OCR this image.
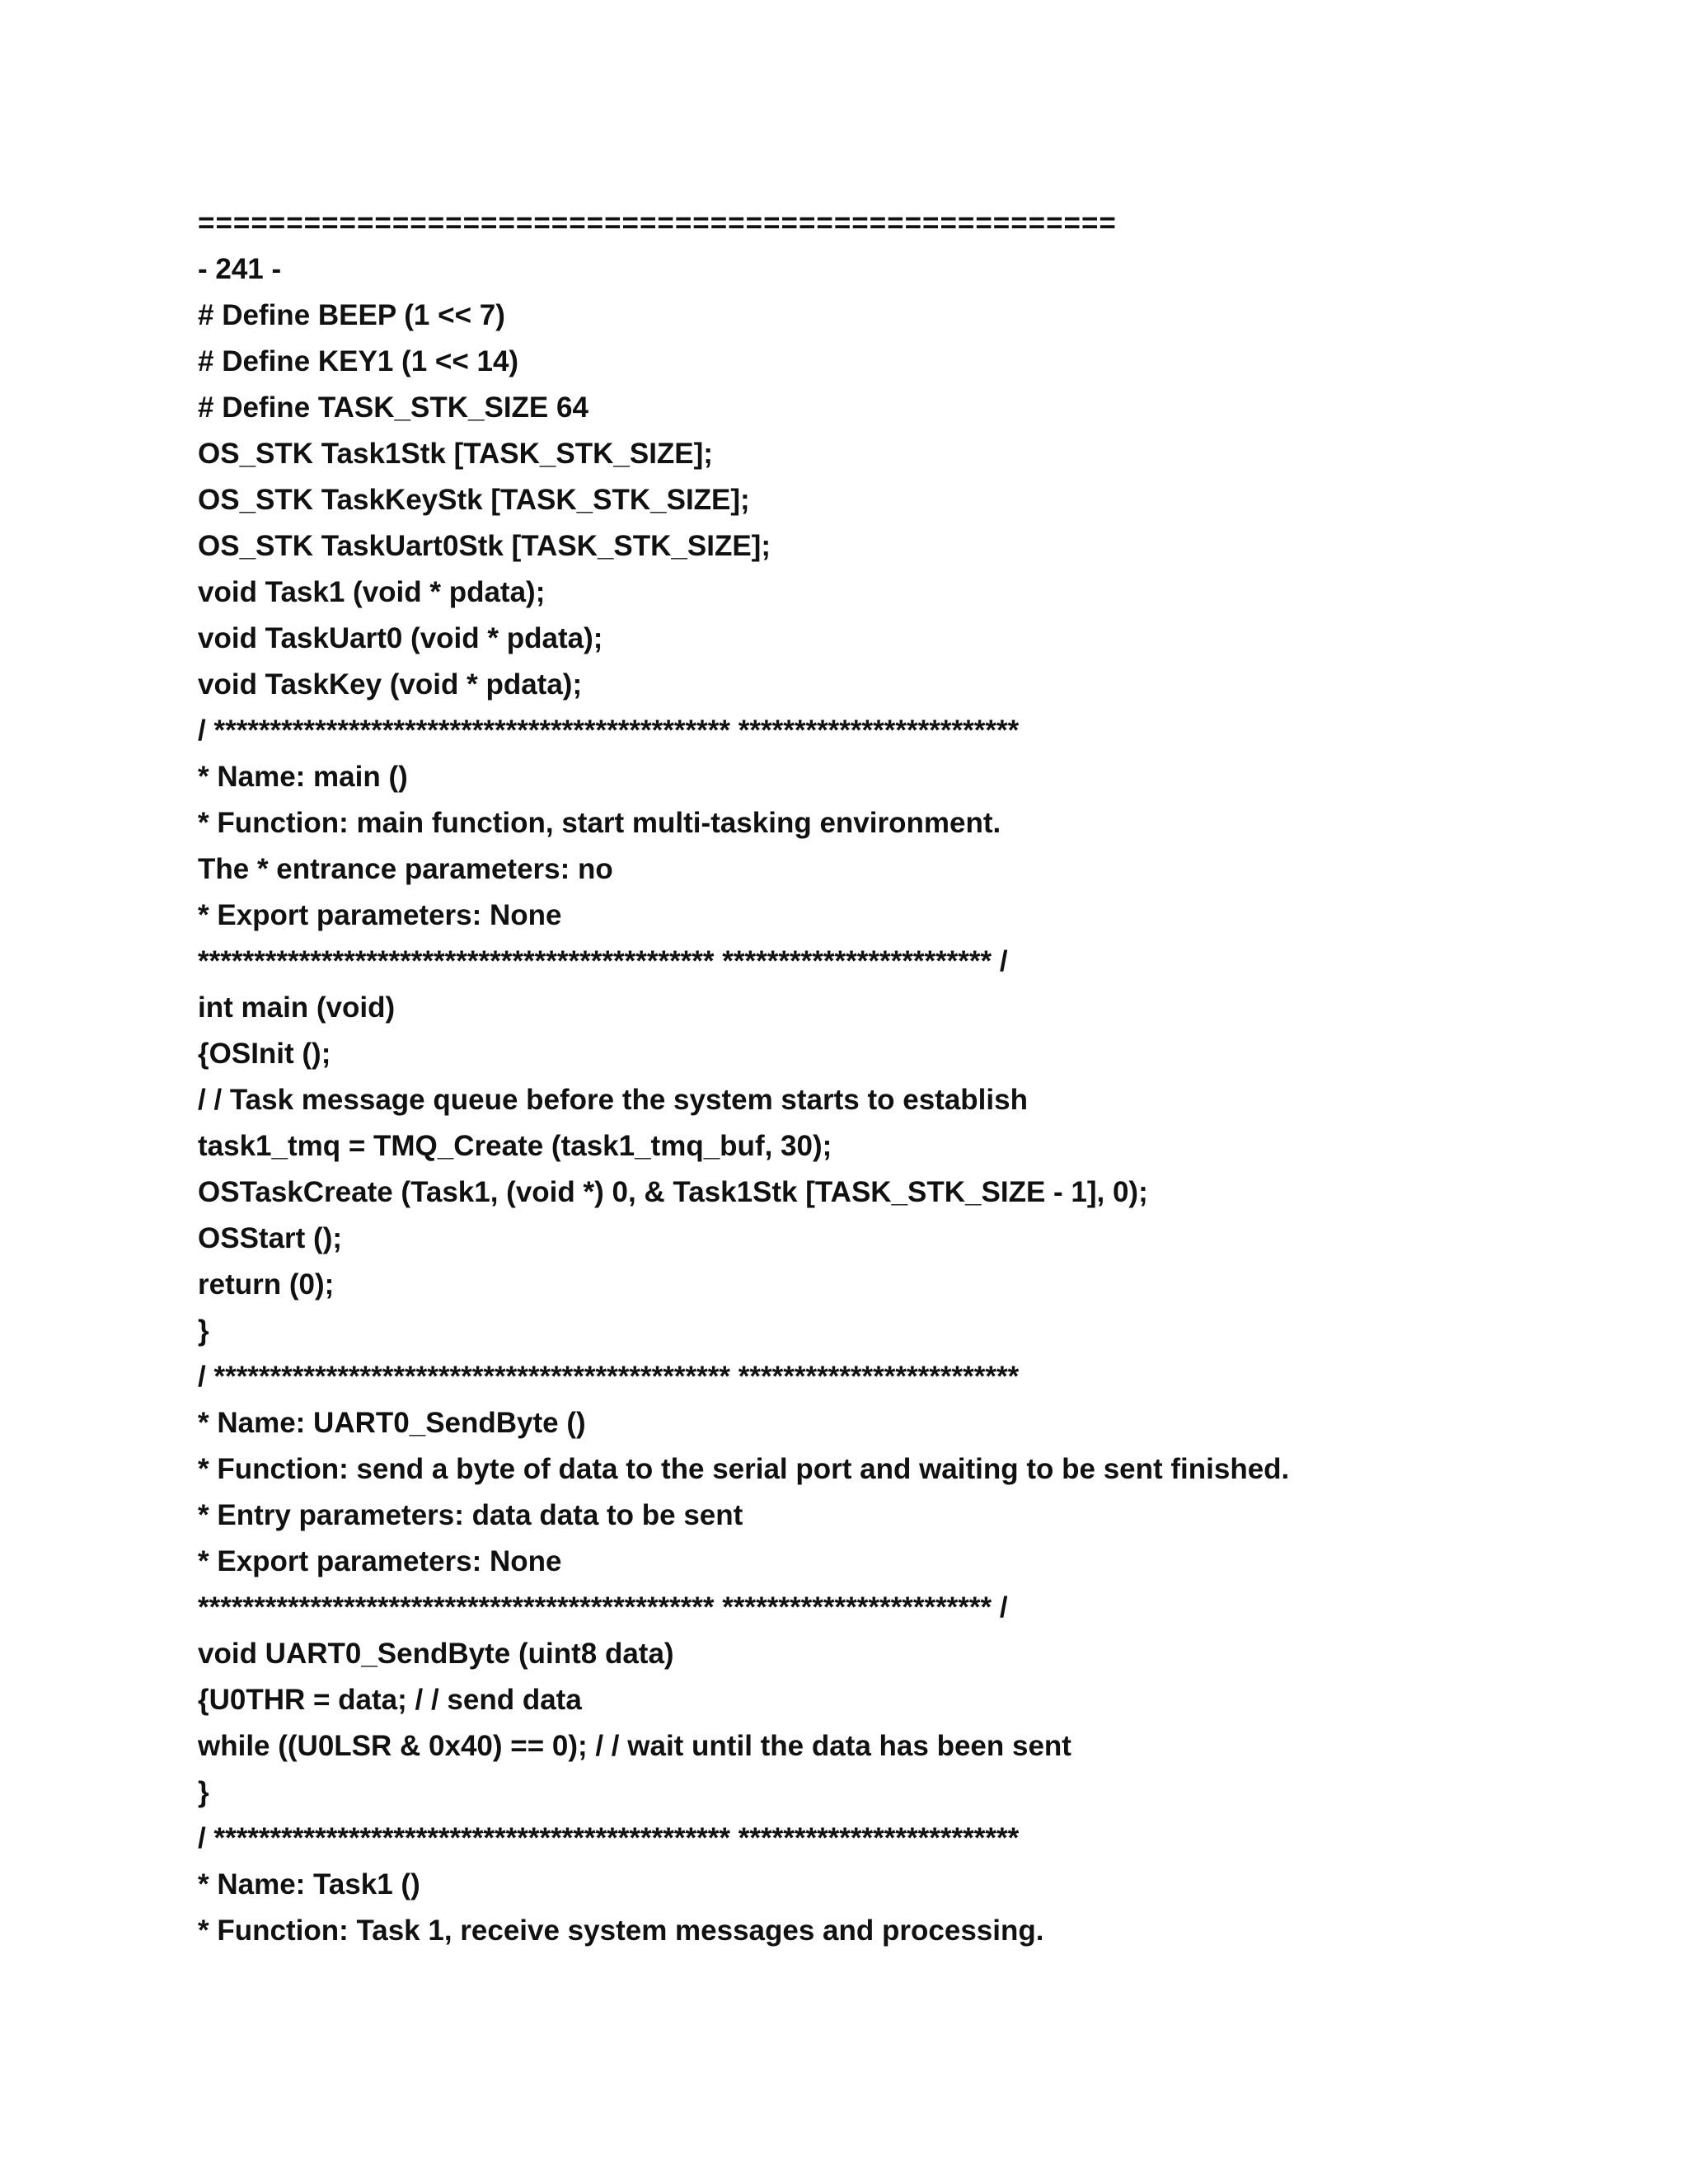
====================================================
- 241 -
# Define BEEP (1 << 7)
# Define KEY1 (1 << 14)
# Define TASK_STK_SIZE 64
OS_STK Task1Stk [TASK_STK_SIZE];
OS_STK TaskKeyStk [TASK_STK_SIZE];
OS_STK TaskUart0Stk [TASK_STK_SIZE];
void Task1 (void * pdata);
void TaskUart0 (void * pdata);
void TaskKey (void * pdata);
/ ********************************************** *************************
* Name: main ()
* Function: main function, start multi-tasking environment.
The * entrance parameters: no
* Export parameters: None
********************************************** ************************ /
int main (void)
{OSInit ();
/ / Task message queue before the system starts to establish
task1_tmq = TMQ_Create (task1_tmq_buf, 30);
OSTaskCreate (Task1, (void *) 0, & Task1Stk [TASK_STK_SIZE - 1], 0);
OSStart ();
return (0);
}
/ ********************************************** *************************
* Name: UART0_SendByte ()
* Function: send a byte of data to the serial port and waiting to be sent finished.
* Entry parameters: data data to be sent
* Export parameters: None
********************************************** ************************ /
void UART0_SendByte (uint8 data)
{U0THR = data; / / send data
while ((U0LSR & 0x40) == 0); / / wait until the data has been sent
}
/ ********************************************** *************************
* Name: Task1 ()
* Function: Task 1, receive system messages and processing.
